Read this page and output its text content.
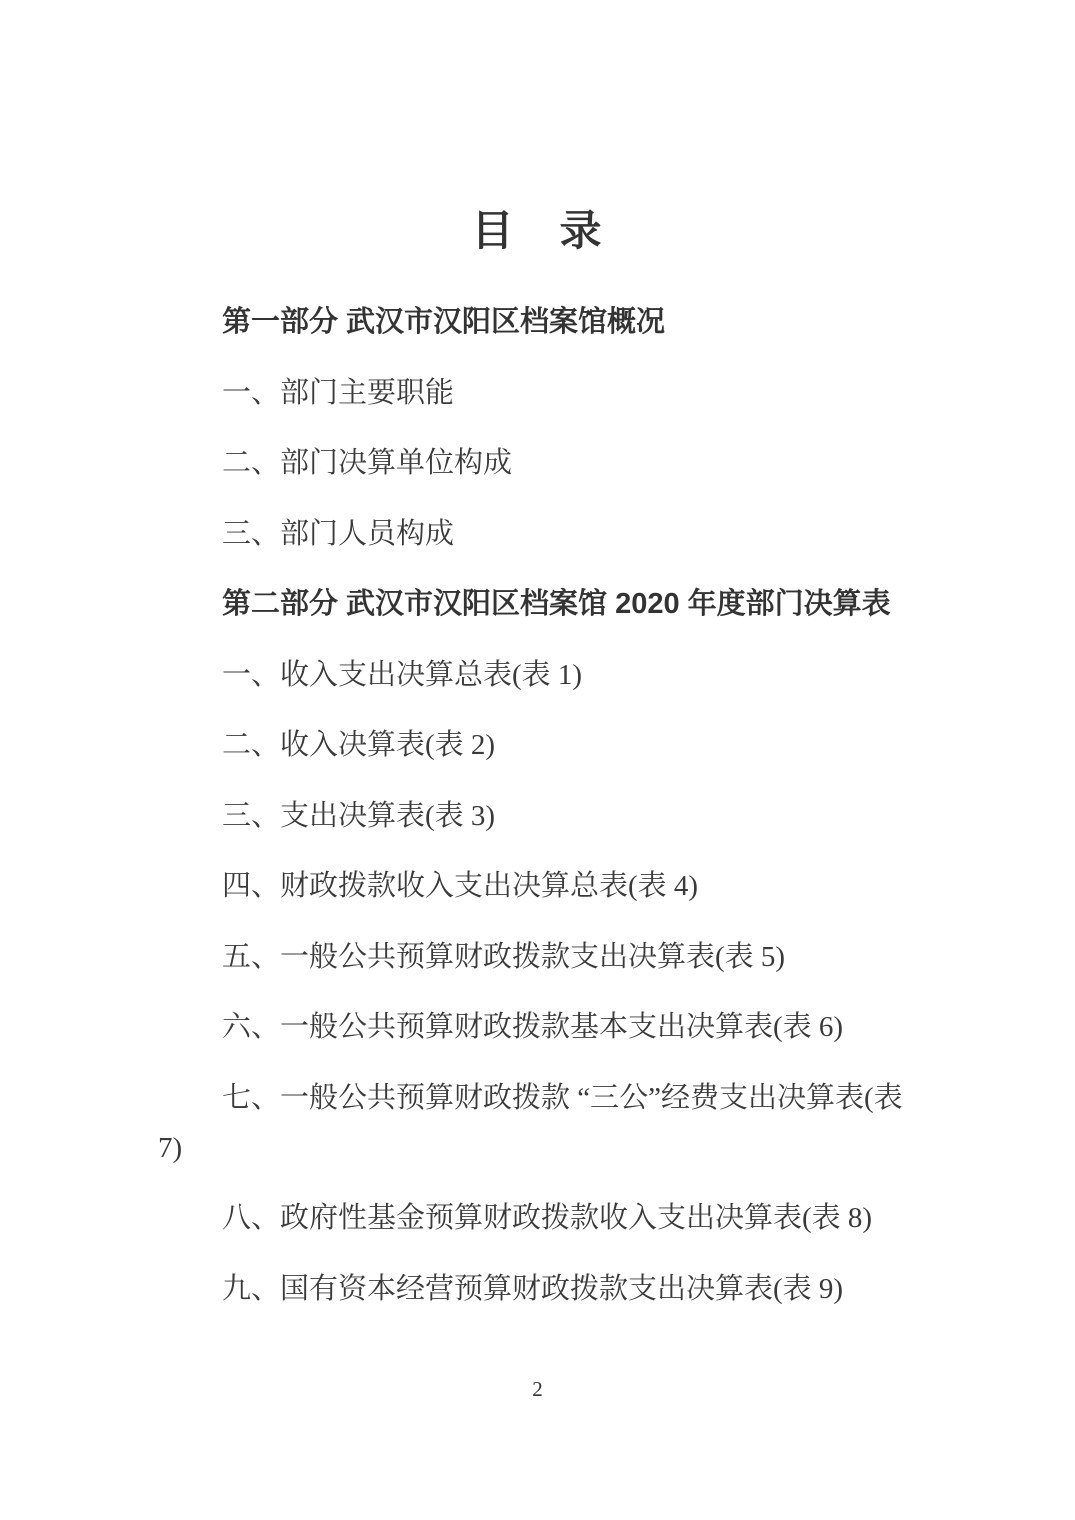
目　录
第一部分 武汉市汉阳区档案馆概况
一、部门主要职能
二、部门决算单位构成
三、部门人员构成
第二部分 武汉市汉阳区档案馆 2020 年度部门决算表
一、收入支出决算总表(表 1)
二、收入决算表(表 2)
三、支出决算表(表 3)
四、财政拨款收入支出决算总表(表 4)
五、一般公共预算财政拨款支出决算表(表 5)
六、一般公共预算财政拨款基本支出决算表(表 6)
七、一般公共预算财政拨款 “三公”经费支出决算表(表
7)
八、政府性基金预算财政拨款收入支出决算表(表 8)
九、国有资本经营预算财政拨款支出决算表(表 9)
2
